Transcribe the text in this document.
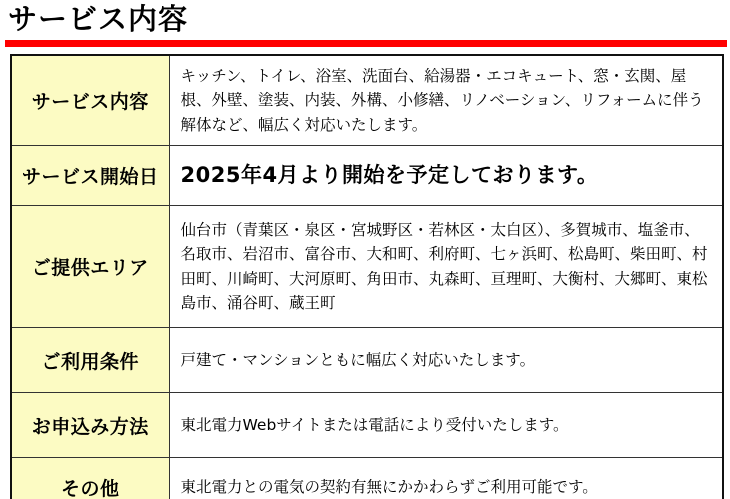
サービス内容
サービス内容	キッチン、トイレ、浴室、洗面台、給湯器・エコキュート、窓・玄関、屋根、外壁、塗装、内装、外構、小修繕、リノベーション、リフォームに伴う解体など、幅広く対応いたします。
サービス開始日	2025年4月より開始を予定しております。
ご提供エリア	仙台市（青葉区・泉区・宮城野区・若林区・太白区）、多賀城市、塩釜市、名取市、岩沼市、富谷市、大和町、利府町、七ヶ浜町、松島町、柴田町、村田町、川崎町、大河原町、角田市、丸森町、亘理町、大衡村、大郷町、東松島市、涌谷町、蔵王町
ご利用条件	戸建て・マンションともに幅広く対応いたします。
お申込み方法	東北電力Webサイトまたは電話により受付いたします。
その他	東北電力との電気の契約有無にかかわらずご利用可能です。
